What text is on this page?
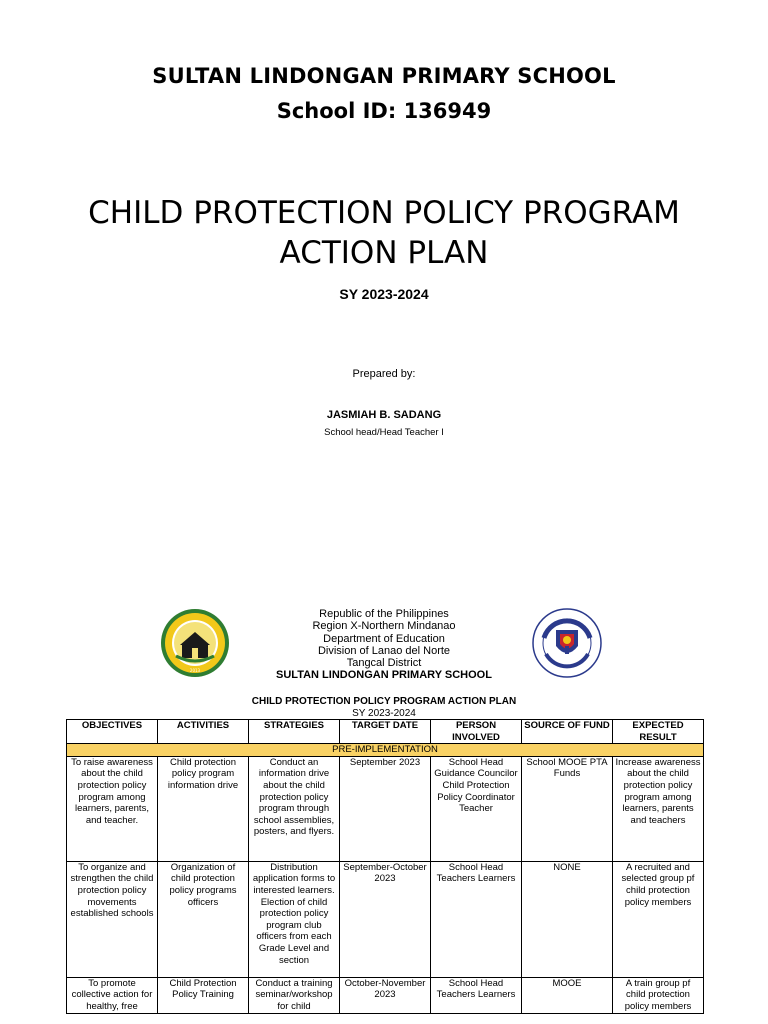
SULTAN LINDONGAN PRIMARY SCHOOL
School ID: 136949
CHILD PROTECTION POLICY PROGRAM
ACTION PLAN
SY 2023-2024
Prepared by:
JASMIAH B. SADANG
School head/Head Teacher I
2013
Republic of the Philippines
Region X-Northern Mindanao
Department of Education
Division of Lanao del Norte
Tangcal District
SULTAN LINDONGAN PRIMARY SCHOOL
CHILD PROTECTION POLICY PROGRAM ACTION PLAN
SY 2023-2024
OBJECTIVES	ACTIVITIES	STRATEGIES	TARGET DATE	PERSON INVOLVED	SOURCE OF FUND	EXPECTED RESULT
PRE-IMPLEMENTATION						
To raise awareness about the child protection policy program among learners, parents, and teacher.	Child protection policy program information drive	Conduct an information drive about the child protection policy program through school assemblies, posters, and flyers.	September 2023	School Head Guidance Councilor Child Protection Policy Coordinator Teacher	School MOOE PTA Funds	Increase awareness about the child protection policy program among learners, parents and teachers
To organize and strengthen the child protection policy movements established schools	Organization of child protection policy programs officers	Distribution application forms to interested learners. Election of child protection policy program club officers from each Grade Level and section	September-October 2023	School Head Teachers Learners	NONE	A recruited and selected group pf child protection policy members
To promote collective action for healthy, free	Child Protection Policy Training	Conduct a training seminar/workshop for child	October-November 2023	School Head Teachers Learners	MOOE	A train group pf child protection policy members
